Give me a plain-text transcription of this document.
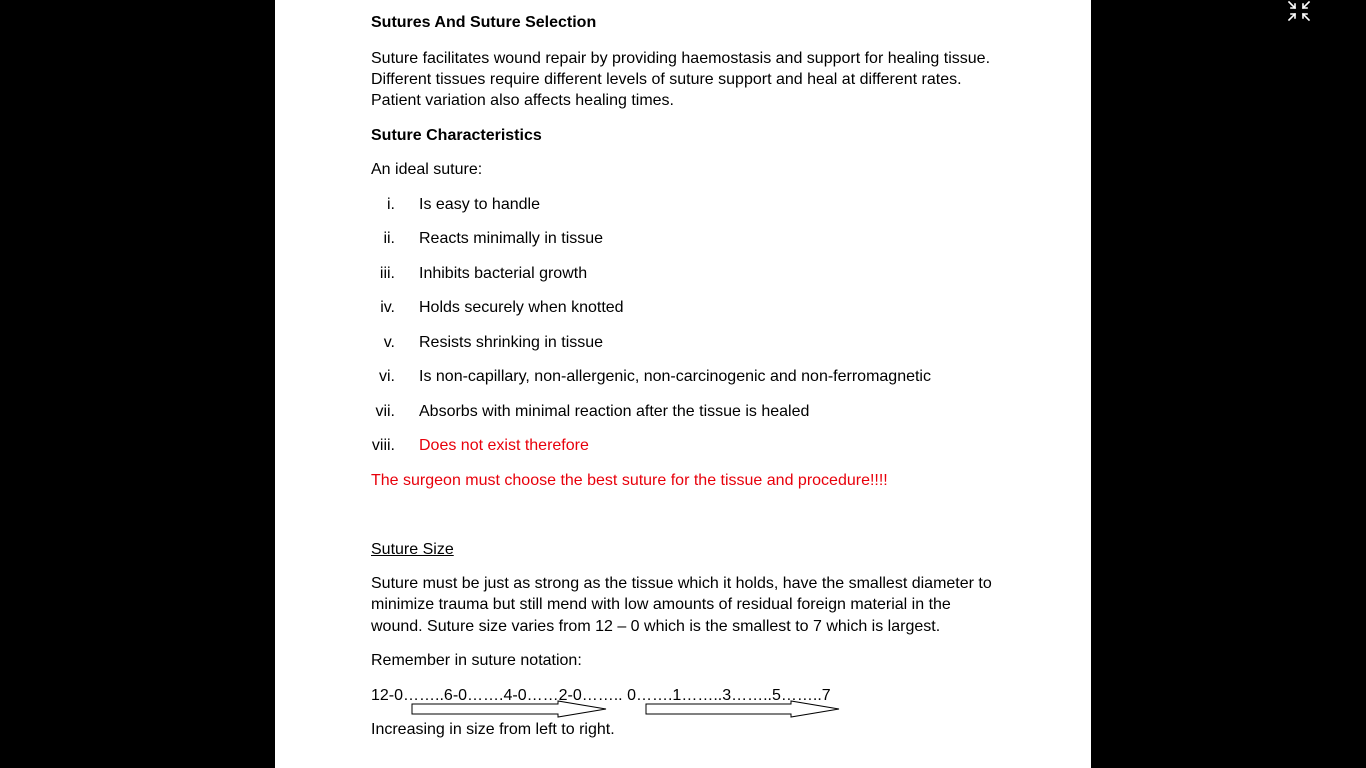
Sutures And Suture Selection
Suture facilitates wound repair by providing haemostasis and support for healing tissue.
Different tissues require different levels of suture support and heal at different rates.
Patient variation also affects healing times.
Suture Characteristics
An ideal suture:
i. Is easy to handle
ii. Reacts minimally in tissue
iii. Inhibits bacterial growth
iv. Holds securely when knotted
v. Resists shrinking in tissue
vi. Is non-capillary, non-allergenic, non-carcinogenic and non-ferromagnetic
vii. Absorbs with minimal reaction after the tissue is healed
viii. Does not exist therefore
The surgeon must choose the best suture for the tissue and procedure!!!!
Suture Size
Suture must be just as strong as the tissue which it holds, have the smallest diameter to
minimize trauma but still mend with low amounts of residual foreign material in the
wound. Suture size varies from 12 – 0 which is the smallest to 7 which is largest.
Remember in suture notation:
12-0……..6-0…….4-0……2-0…….. 0…….1……..3……..5……..7
Increasing in size from left to right.
